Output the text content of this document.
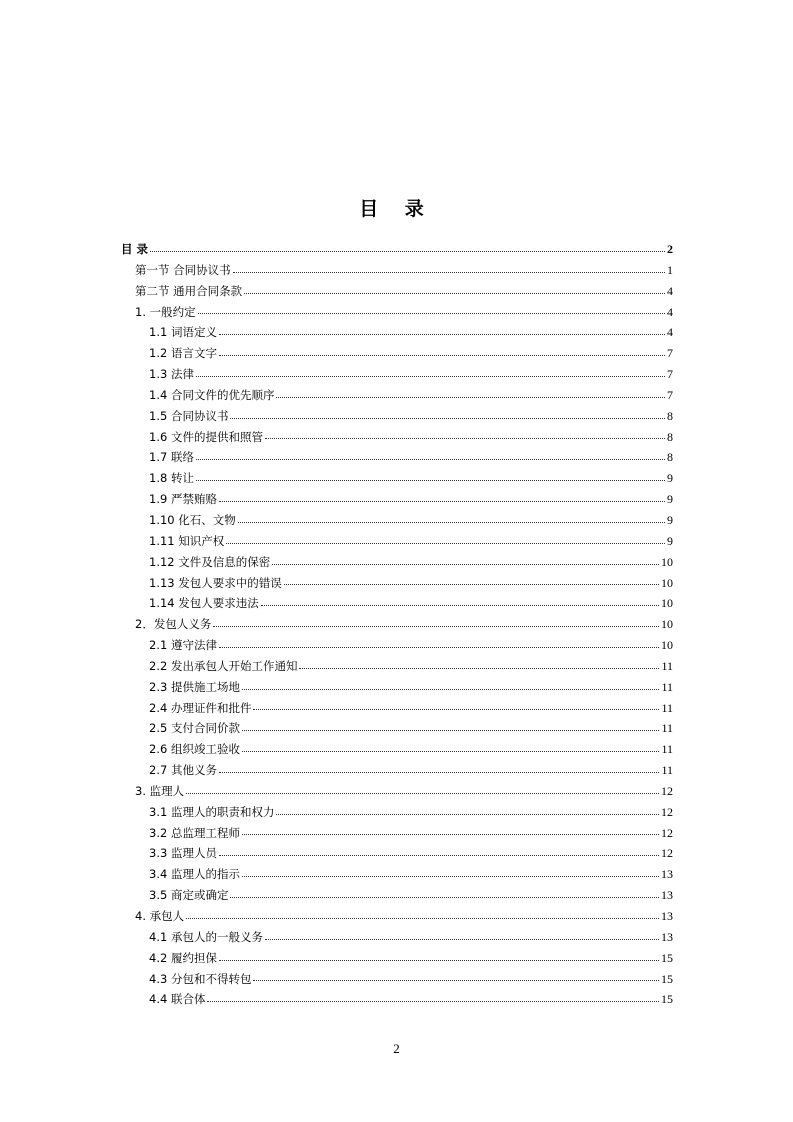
目 录
目 录	2
第一节 合同协议书	1
第二节 通用合同条款	4
1. 一般约定	4
1.1 词语定义	4
1.2 语言文字	7
1.3 法律	7
1.4 合同文件的优先顺序	7
1.5 合同协议书	8
1.6 文件的提供和照管	8
1.7 联络	8
1.8 转让	9
1.9 严禁贿赂	9
1.10 化石、文物	9
1.11 知识产权	9
1.12 文件及信息的保密	10
1.13 发包人要求中的错误	10
1.14 发包人要求违法	10
2．发包人义务	10
2.1 遵守法律	10
2.2 发出承包人开始工作通知	11
2.3 提供施工场地	11
2.4 办理证件和批件	11
2.5 支付合同价款	11
2.6 组织竣工验收	11
2.7 其他义务	11
3. 监理人	12
3.1 监理人的职责和权力	12
3.2 总监理工程师	12
3.3 监理人员	12
3.4 监理人的指示	13
3.5 商定或确定	13
4. 承包人	13
4.1 承包人的一般义务	13
4.2 履约担保	15
4.3 分包和不得转包	15
4.4 联合体	15
2
